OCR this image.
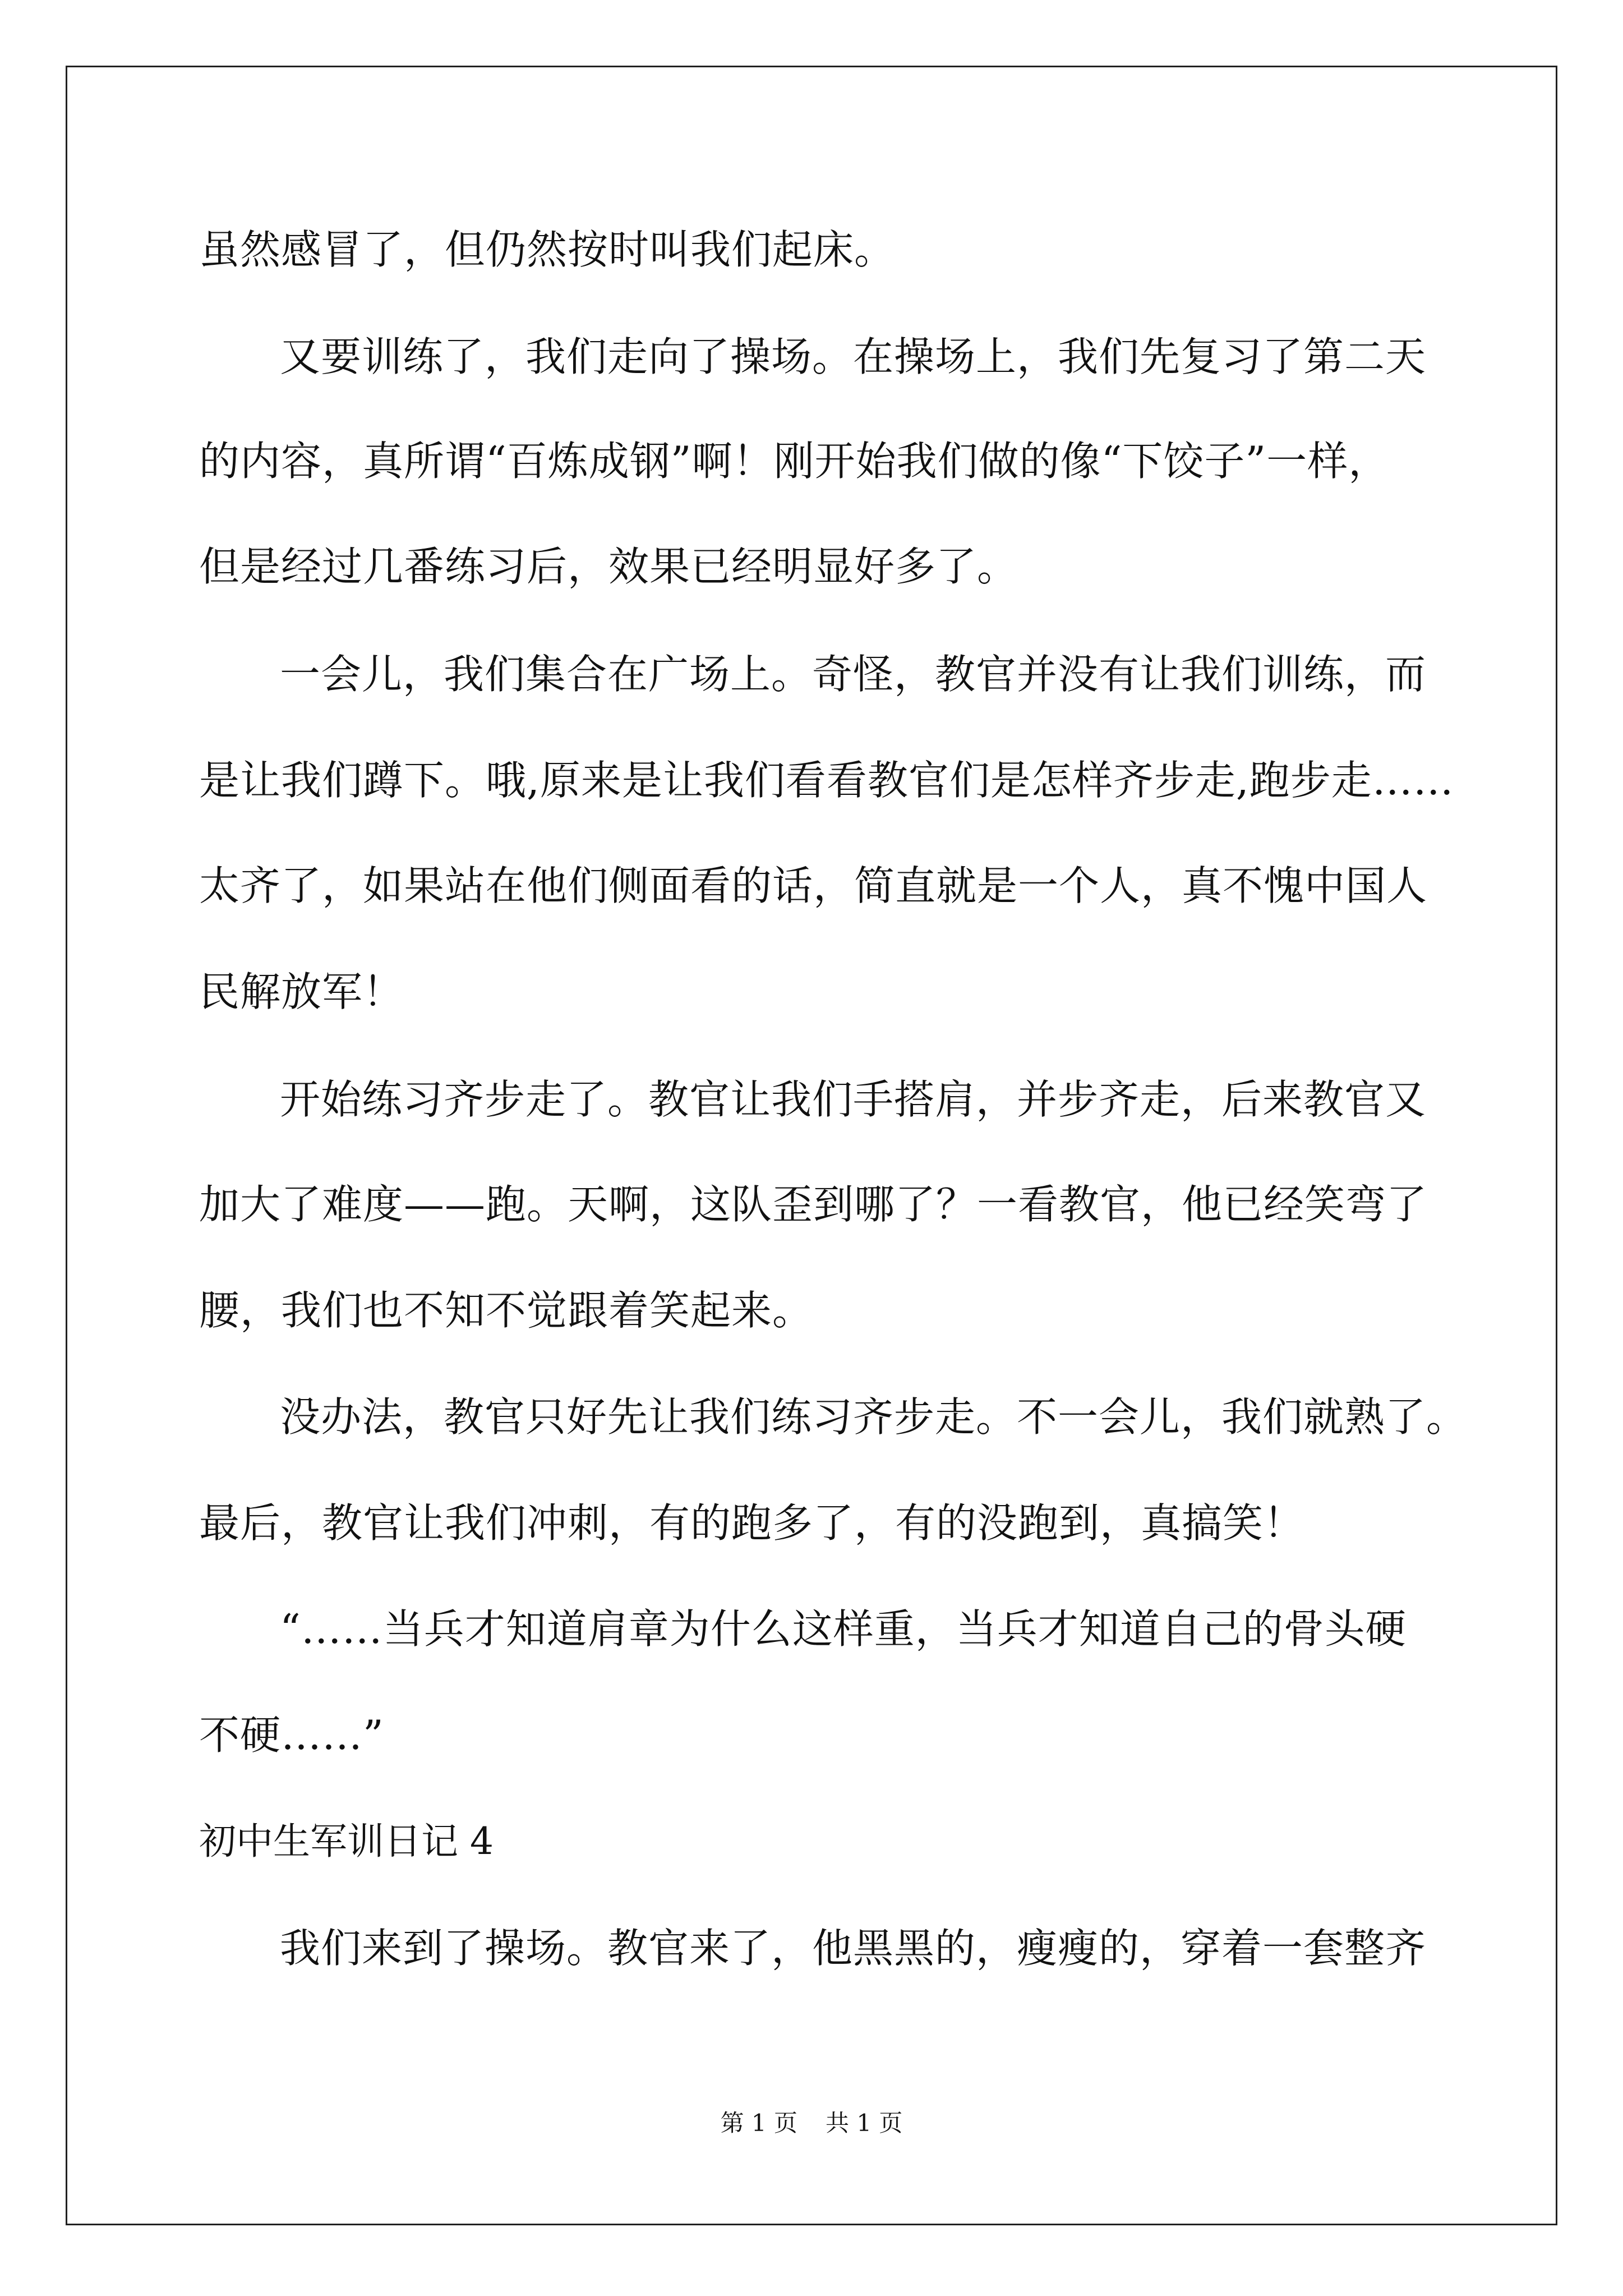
虽然感冒了，但仍然按时叫我们起床。
又要训练了，我们走向了操场。在操场上，我们先复习了第二天
的内容，真所谓“百炼成钢”啊！刚开始我们做的像“下饺子”一样，
但是经过几番练习后，效果已经明显好多了。
一会儿，我们集合在广场上。奇怪，教官并没有让我们训练，而
是让我们蹲下。哦,原来是让我们看看教官们是怎样齐步走,跑步走……
太齐了，如果站在他们侧面看的话，简直就是一个人，真不愧中国人
民解放军！
开始练习齐步走了。教官让我们手搭肩，并步齐走，后来教官又
加大了难度——跑。天啊，这队歪到哪了？一看教官，他已经笑弯了
腰，我们也不知不觉跟着笑起来。
没办法，教官只好先让我们练习齐步走。不一会儿，我们就熟了。
最后，教官让我们冲刺，有的跑多了，有的没跑到，真搞笑！
“……当兵才知道肩章为什么这样重，当兵才知道自己的骨头硬
不硬……”
初中生军训日记 4
我们来到了操场。教官来了，他黑黑的，瘦瘦的，穿着一套整齐
第 1 页 共 1 页
